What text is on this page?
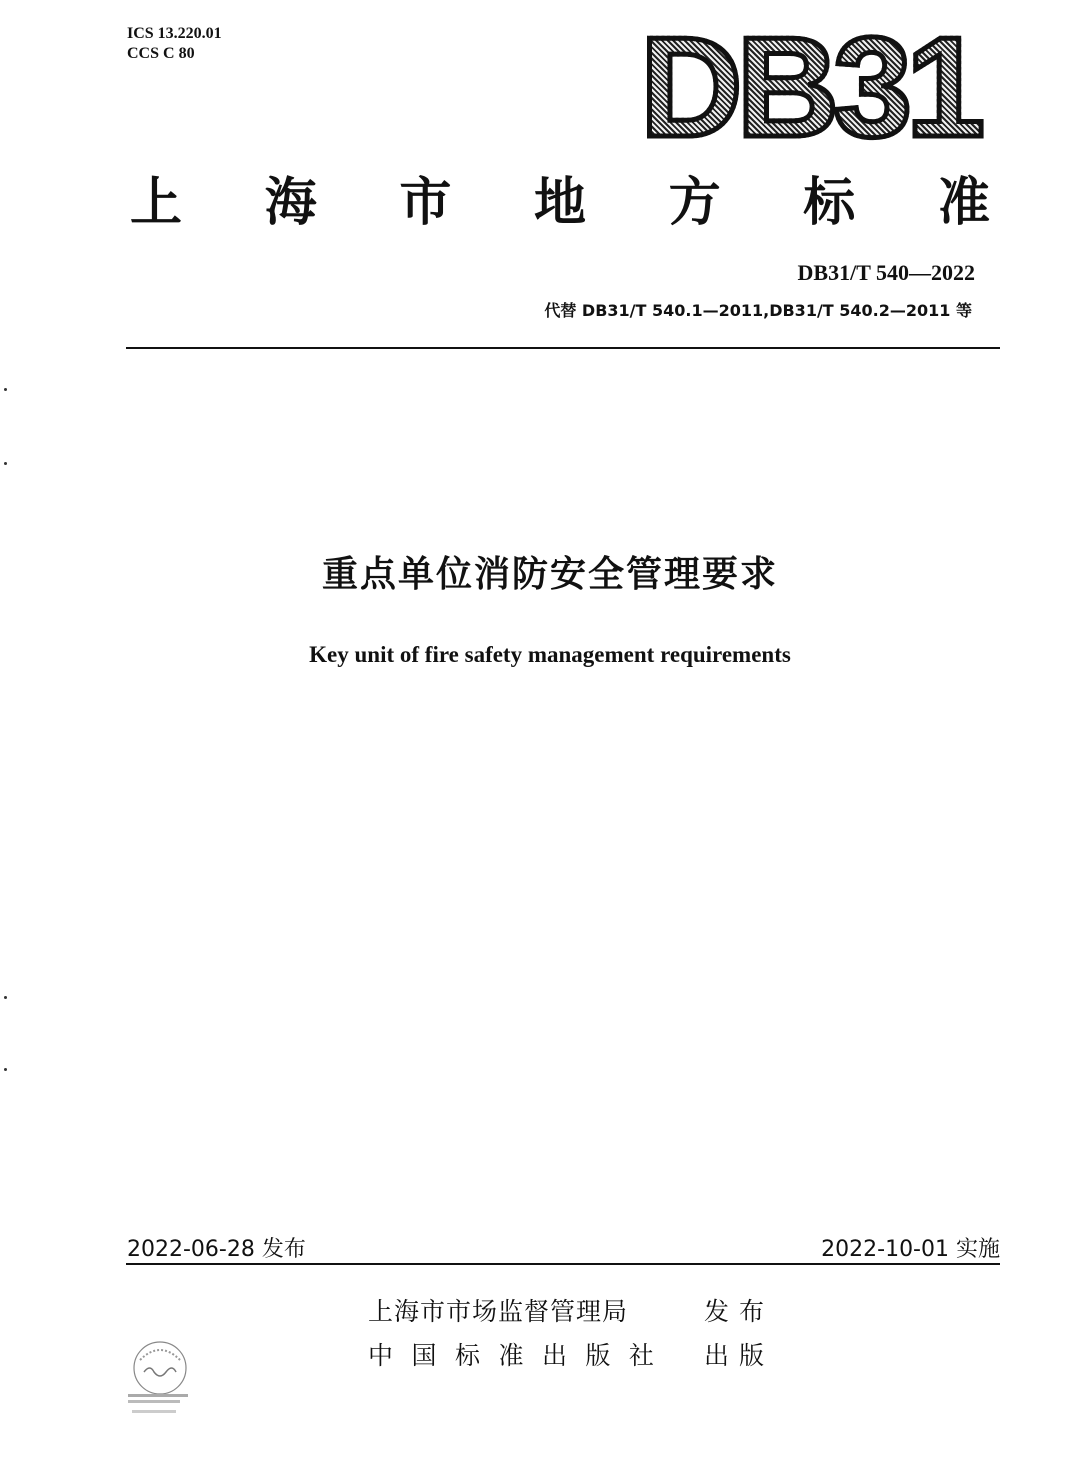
ICS 13.220.01
CCS C 80	DB31
上 海 市 地 方 标 准
DB31/T 540—2022
代替 DB31/T 540.1—2011,DB31/T 540.2—2011 等
重点单位消防安全管理要求
Key unit of fire safety management requirements
2022-06-28 发布	2022-10-01 实施
上海市市场监督管理局	发布
中 国 标 准 出 版 社 出版
